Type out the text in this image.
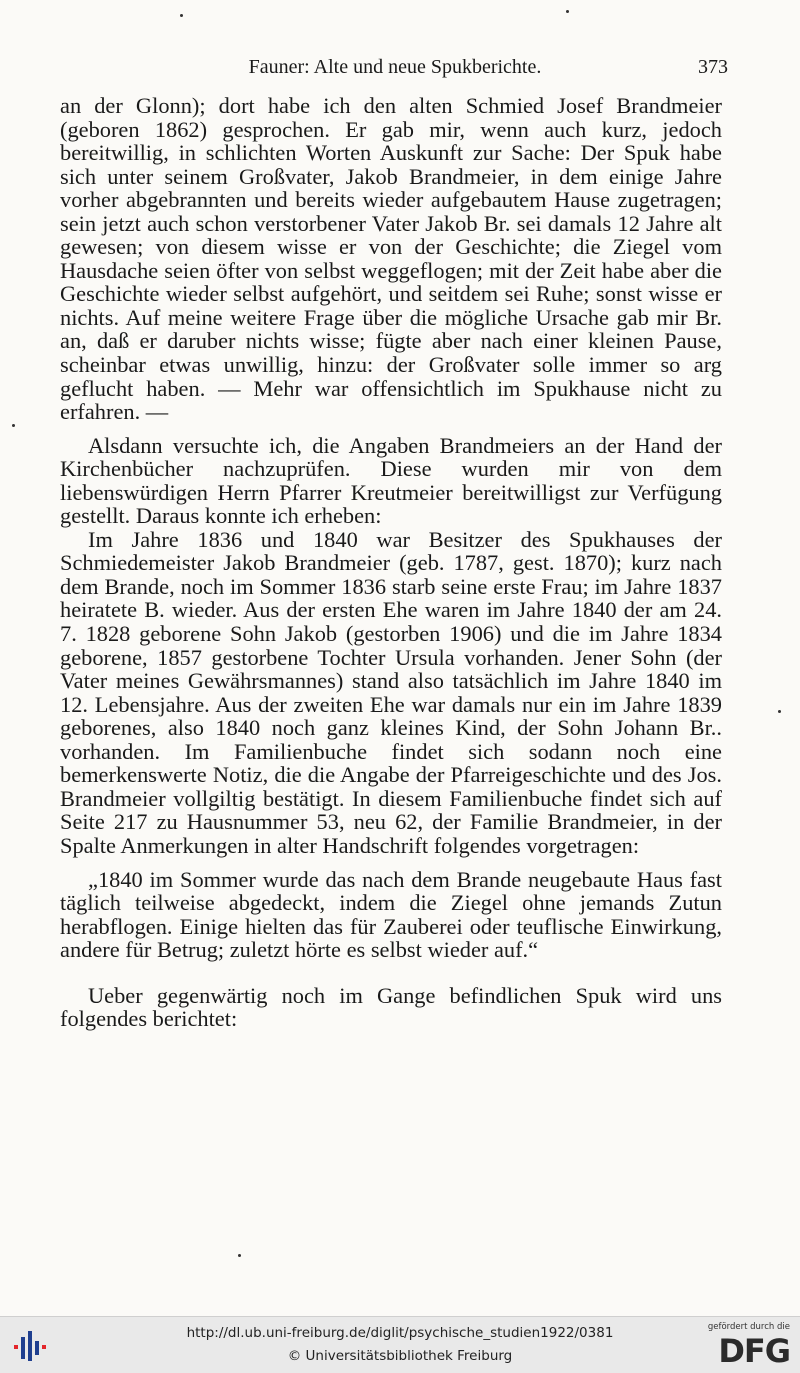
Fauner: Alte und neue Spukberichte.	373

an der Glonn); dort habe ich den alten Schmied Josef Brandmeier (geboren 1862) gesprochen. Er gab mir, wenn auch kurz, jedoch bereitwillig, in schlichten Worten Auskunft zur Sache: Der Spuk habe sich unter seinem Großvater, Jakob Brandmeier, in dem einige Jahre vorher abgebrannten und bereits wieder aufgebautem Hause zugetragen; sein jetzt auch schon verstorbener Vater Jakob Br. sei damals 12 Jahre alt gewesen; von diesem wisse er von der Geschichte; die Ziegel vom Hausdache seien öfter von selbst weggeflogen; mit der Zeit habe aber die Geschichte wieder selbst aufgehört, und seitdem sei Ruhe; sonst wisse er nichts. Auf meine weitere Frage über die mögliche Ursache gab mir Br. an, daß er daruber nichts wisse; fügte aber nach einer kleinen Pause, scheinbar etwas unwillig, hinzu: der Großvater solle immer so arg geflucht haben. — Mehr war offensichtlich im Spukhause nicht zu erfahren. —

Alsdann versuchte ich, die Angaben Brandmeiers an der Hand der Kirchenbücher nachzuprüfen. Diese wurden mir von dem liebenswürdigen Herrn Pfarrer Kreutmeier bereitwilligst zur Verfügung gestellt. Daraus konnte ich erheben:

Im Jahre 1836 und 1840 war Besitzer des Spukhauses der Schmiedemeister Jakob Brandmeier (geb. 1787, gest. 1870); kurz nach dem Brande, noch im Sommer 1836 starb seine erste Frau; im Jahre 1837 heiratete B. wieder. Aus der ersten Ehe waren im Jahre 1840 der am 24. 7. 1828 geborene Sohn Jakob (gestorben 1906) und die im Jahre 1834 geborene, 1857 gestorbene Tochter Ursula vorhanden. Jener Sohn (der Vater meines Gewährsmannes) stand also tatsächlich im Jahre 1840 im 12. Lebensjahre. Aus der zweiten Ehe war damals nur ein im Jahre 1839 geborenes, also 1840 noch ganz kleines Kind, der Sohn Johann Br.. vorhanden. Im Familienbuche findet sich sodann noch eine bemerkenswerte Notiz, die die Angabe der Pfarreigeschichte und des Jos. Brandmeier vollgiltig bestätigt. In diesem Familienbuche findet sich auf Seite 217 zu Hausnummer 53, neu 62, der Familie Brandmeier, in der Spalte Anmerkungen in alter Handschrift folgendes vorgetragen:

„1840 im Sommer wurde das nach dem Brande neugebaute Haus fast täglich teilweise abgedeckt, indem die Ziegel ohne jemands Zutun herabflogen. Einige hielten das für Zauberei oder teuflische Einwirkung, andere für Betrug; zuletzt hörte es selbst wieder auf.“

Ueber gegenwärtig noch im Gange befindlichen Spuk wird uns folgendes berichtet:

http://dl.ub.uni-freiburg.de/diglit/psychische_studien1922/0381
© Universitätsbibliothek Freiburg
gefördert durch die
DFG
